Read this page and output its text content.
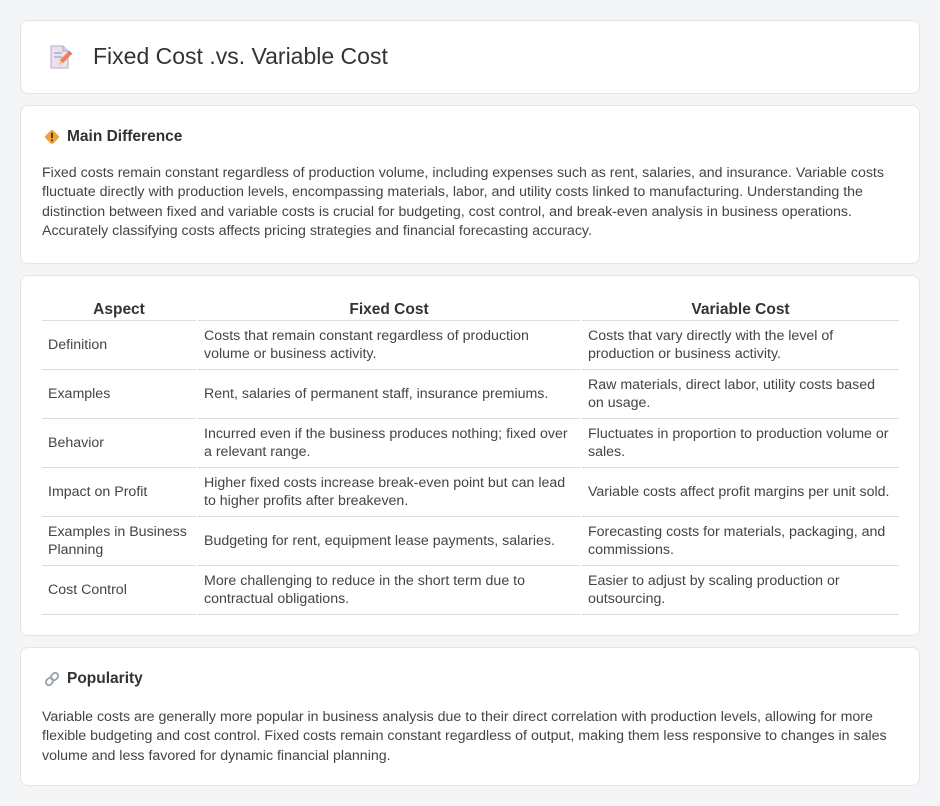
Fixed Cost .vs. Variable Cost
Main Difference

Fixed costs remain constant regardless of production volume, including expenses such as rent, salaries, and insurance. Variable costs fluctuate directly with production levels, encompassing materials, labor, and utility costs linked to manufacturing. Understanding the distinction between fixed and variable costs is crucial for budgeting, cost control, and break-even analysis in business operations. Accurately classifying costs affects pricing strategies and financial forecasting accuracy.

Aspect	Fixed Cost	Variable Cost
Definition	Costs that remain constant regardless of production volume or business activity.	Costs that vary directly with the level of production or business activity.
Examples	Rent, salaries of permanent staff, insurance premiums.	Raw materials, direct labor, utility costs based on usage.
Behavior	Incurred even if the business produces nothing; fixed over a relevant range.	Fluctuates in proportion to production volume or sales.
Impact on Profit	Higher fixed costs increase break-even point but can lead to higher profits after breakeven.	Variable costs affect profit margins per unit sold.
Examples in Business Planning	Budgeting for rent, equipment lease payments, salaries.	Forecasting costs for materials, packaging, and commissions.
Cost Control	More challenging to reduce in the short term due to contractual obligations.	Easier to adjust by scaling production or outsourcing.
Popularity

Variable costs are generally more popular in business analysis due to their direct correlation with production levels, allowing for more flexible budgeting and cost control. Fixed costs remain constant regardless of output, making them less responsive to changes in sales volume and less favored for dynamic financial planning.
